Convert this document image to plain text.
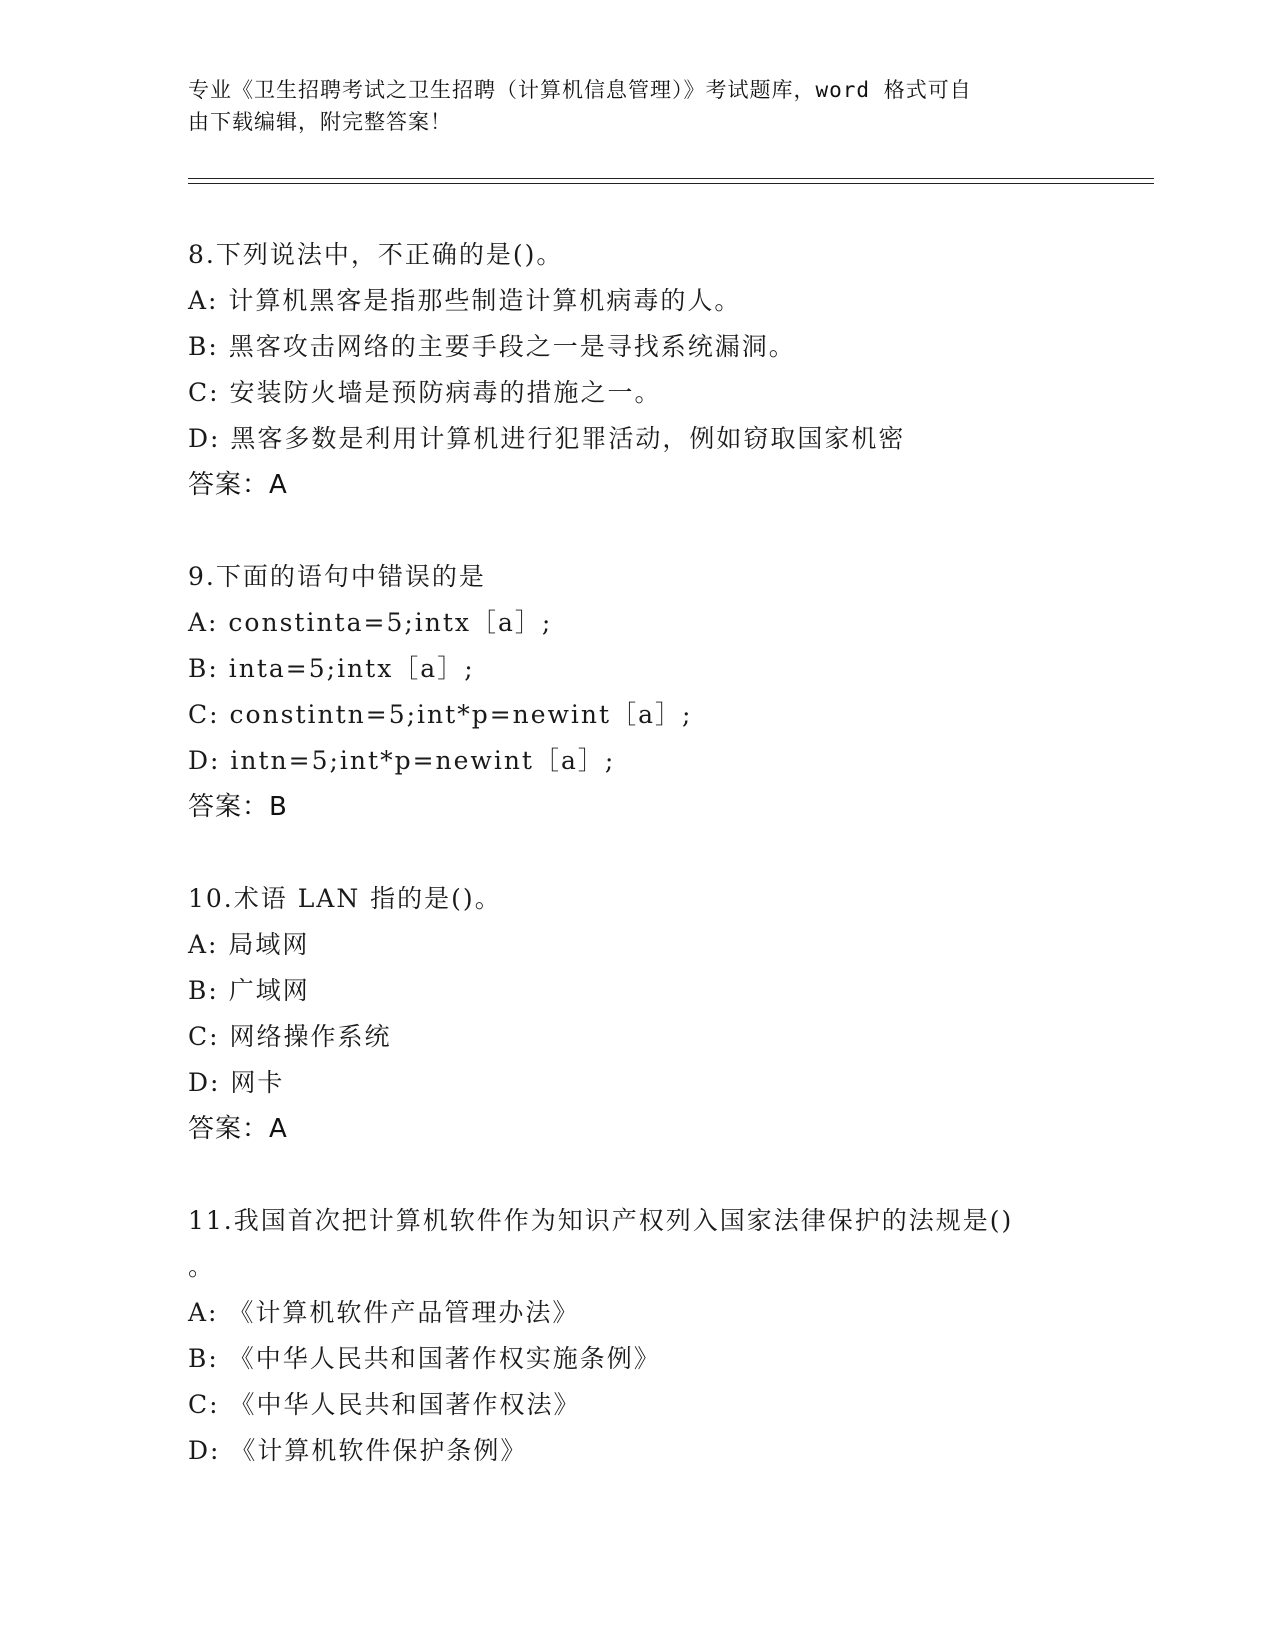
专业《卫生招聘考试之卫生招聘（计算机信息管理）》考试题库，word 格式可自
由下载编辑，附完整答案！
8.下列说法中，不正确的是()。
A: 计算机黑客是指那些制造计算机病毒的人。
B: 黑客攻击网络的主要手段之一是寻找系统漏洞。
C: 安装防火墙是预防病毒的措施之一。
D: 黑客多数是利用计算机进行犯罪活动，例如窃取国家机密
答案：A
9.下面的语句中错误的是
A: constinta=5;intx［a］;
B: inta=5;intx［a］;
C: constintn=5;int*p=newint［a］;
D: intn=5;int*p=newint［a］;
答案：B
10.术语 LAN 指的是()。
A: 局域网
B: 广域网
C: 网络操作系统
D: 网卡
答案：A
11.我国首次把计算机软件作为知识产权列入国家法律保护的法规是()
。
A: 《计算机软件产品管理办法》
B: 《中华人民共和国著作权实施条例》
C: 《中华人民共和国著作权法》
D: 《计算机软件保护条例》
